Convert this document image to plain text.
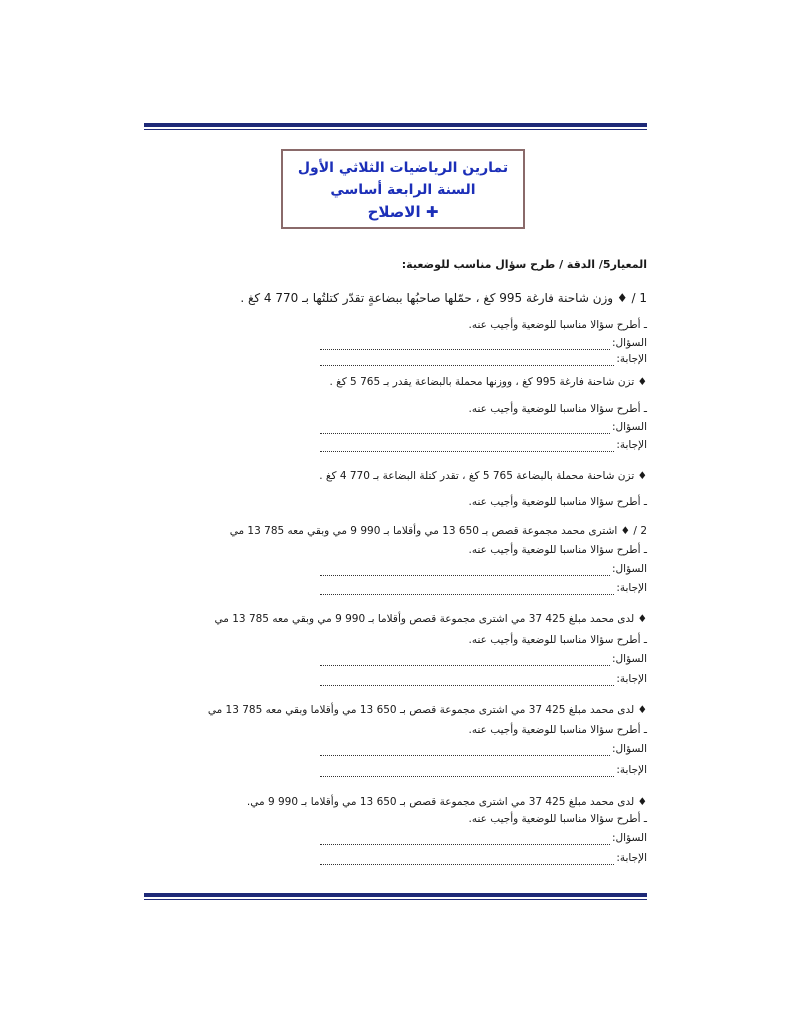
تمارين الرياضيات الثلاثي الأول
السنة الرابعة أساسي
✚ الاصلاح
المعيار5/ الدقة / طرح سؤال مناسب للوضعية:
1 / ♦ وزن شاحنة فارغة 995 كغ ، حمّلها صاحبُها ببضاعةٍ تقدّر كتلتُها بـ 770 4 كغ .
ـ أطرح سؤالا مناسبا للوضعية وأجيب عنه.
السؤال:
الإجابة:
♦ تزن شاحنة فارغة 995 كغ ، ووزنها محملة بالبضاعة يقدر بـ 765 5 كغ .
ـ أطرح سؤالا مناسبا للوضعية وأجيب عنه.
السؤال:
الإجابة:
♦ تزن شاحنة محملة بالبضاعة 765 5 كغ ، تقدر كتلة البضاعة بـ 770 4 كغ .
ـ أطرح سؤالا مناسبا للوضعية وأجيب عنه.
2 / ♦ اشترى محمد مجموعة قصص بـ 650 13 مي وأقلاما بـ 990 9 مي وبقي معه 785 13 مي
ـ أطرح سؤالا مناسبا للوضعية وأجيب عنه.
السؤال:
الإجابة:
♦ لدى محمد مبلغ 425 37 مي اشترى مجموعة قصص وأقلاما بـ 990 9 مي وبقي معه 785 13 مي
ـ أطرح سؤالا مناسبا للوضعية وأجيب عنه.
السؤال:
الإجابة:
♦ لدى محمد مبلغ 425 37 مي اشترى مجموعة قصص بـ 650 13 مي وأقلاما وبقي معه 785 13 مي
ـ أطرح سؤالا مناسبا للوضعية وأجيب عنه.
السؤال:
الإجابة:
♦ لدى محمد مبلغ 425 37 مي اشترى مجموعة قصص بـ 650 13 مي وأقلاما بـ 990 9 مي.
ـ أطرح سؤالا مناسبا للوضعية وأجيب عنه.
السؤال:
الإجابة:
